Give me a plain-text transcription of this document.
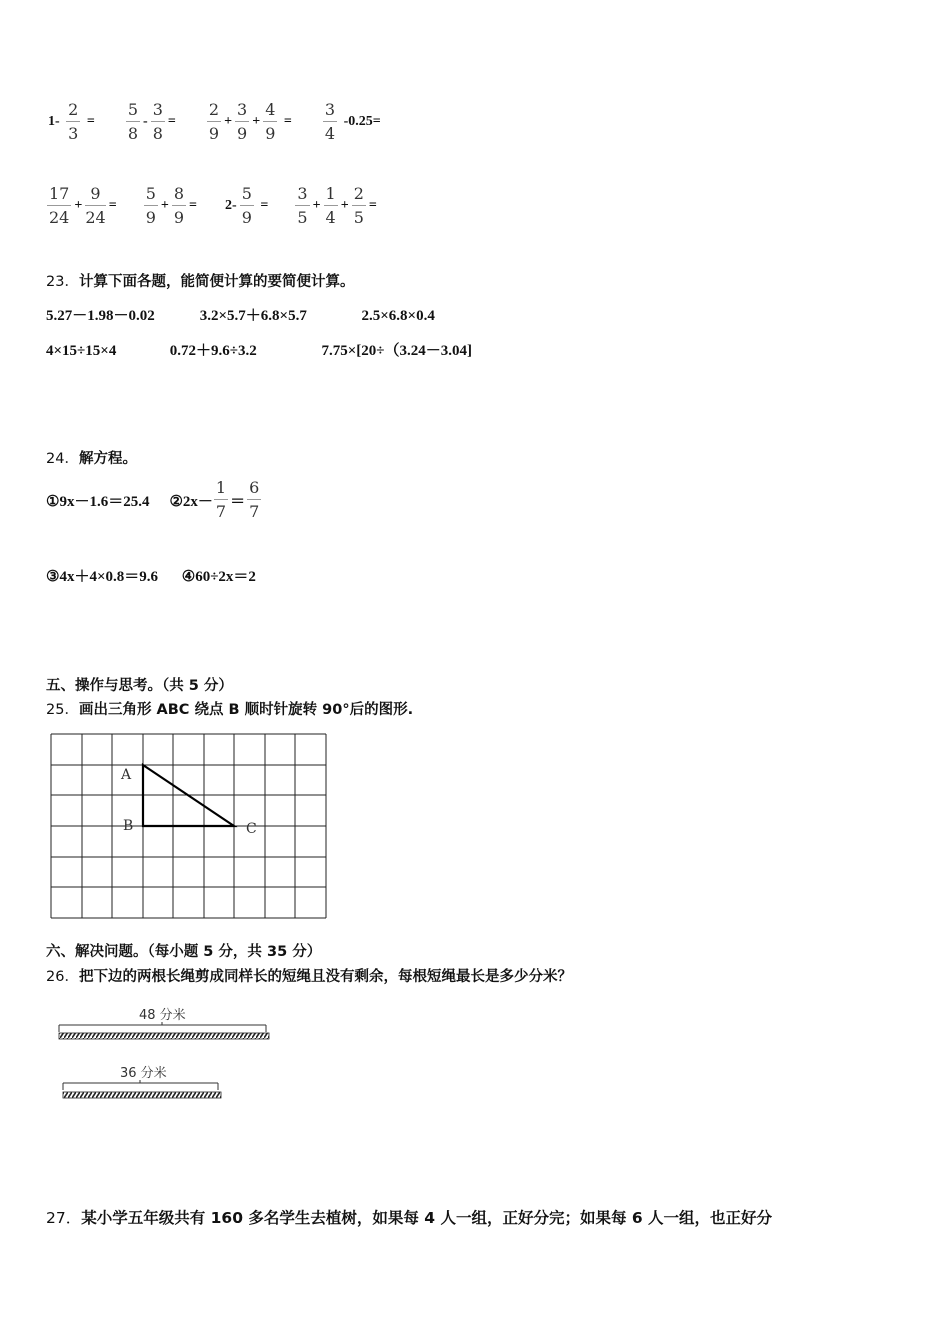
$1- \frac{2}{3} = \frac{5}{8} - \frac{3}{8} = \frac{2}{9} + \frac{3}{9} + \frac{4}{9} = \frac{3}{4} -0.25=$
$\frac{17}{24} + \frac{9}{24} = \frac{5}{9} + \frac{8}{9} = 2- \frac{5}{9} = \frac{3}{5} + \frac{1}{4} + \frac{2}{5}$ =
23．计算下面各题，能简便计算的要简便计算。
5.27－1.98－0.02	3.2×5.7＋6.8×5.7	2.5×6.8×0.4
4×15÷15×4	0.72＋9.6÷3.2	7.75×[20÷（3.24－3.04]
24．解方程。
①9x－1.6＝25.4 ②2x－ $\frac{1}{7} = \frac{6}{7}$
③4x＋4×0.8＝9.6 ④60÷2x＝2
五、操作与思考。（共 5 分）
25．画出三角形 ABC 绕点 B 顺时针旋转 90°后的图形.
A
B	C
六、解决问题。（每小题 5 分，共 35 分）
26．把下边的两根长绳剪成同样长的短绳且没有剩余，每根短绳最长是多少分米？
48 分米
36 分米
27．某小学五年级共有 160 多名学生去植树，如果每 4 人一组，正好分完；如果每 6 人一组，也正好分
